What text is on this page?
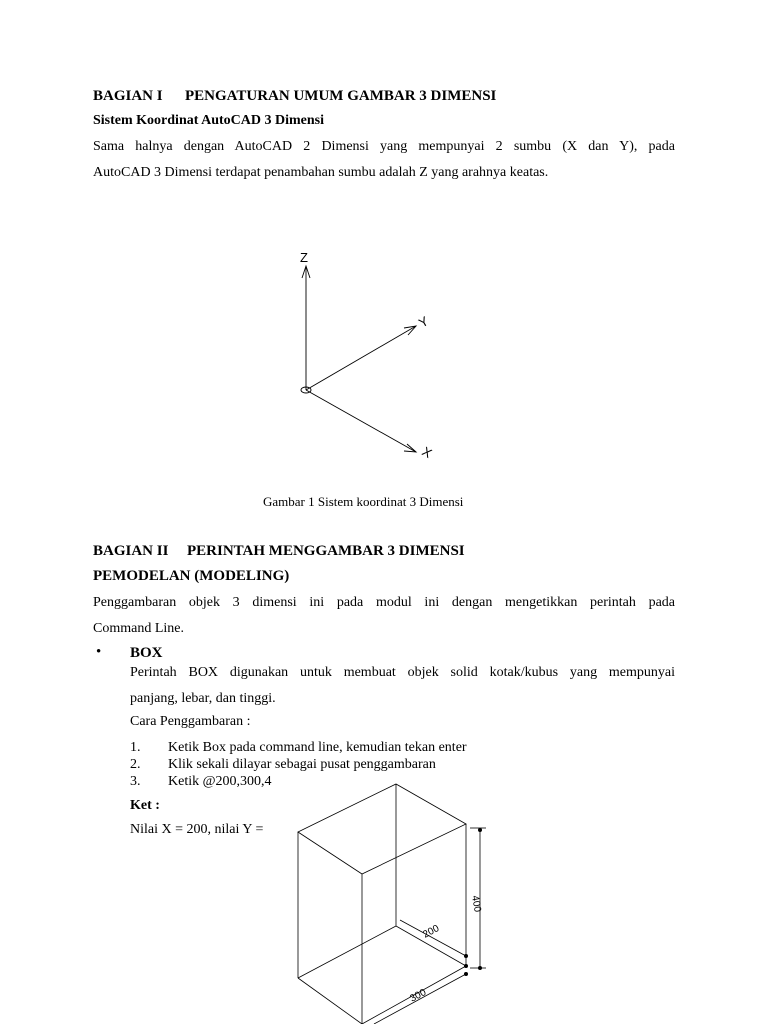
BAGIAN I PENGATURAN UMUM GAMBAR 3 DIMENSI
Sistem Koordinat AutoCAD 3 Dimensi
Sama halnya dengan AutoCAD 2 Dimensi yang mempunyai 2 sumbu (X dan Y), pada
AutoCAD 3 Dimensi terdapat penambahan sumbu adalah Z yang arahnya keatas.
Z
Y
X
Gambar 1 Sistem koordinat 3 Dimensi
BAGIAN II PERINTAH MENGGAMBAR 3 DIMENSI
PEMODELAN (MODELING)
Penggambaran objek 3 dimensi ini pada modul ini dengan mengetikkan perintah pada
Command Line.
• BOX
Perintah BOX digunakan untuk membuat objek solid kotak/kubus yang mempunyai
panjang, lebar, dan tinggi.
Cara Penggambaran :
1. Ketik Box pada command line, kemudian tekan enter
2. Klik sekali dilayar sebagai pusat penggambaran
3. Ketik @200,300,4
Ket :
Nilai X = 200, nilai Y =
400
200
300
